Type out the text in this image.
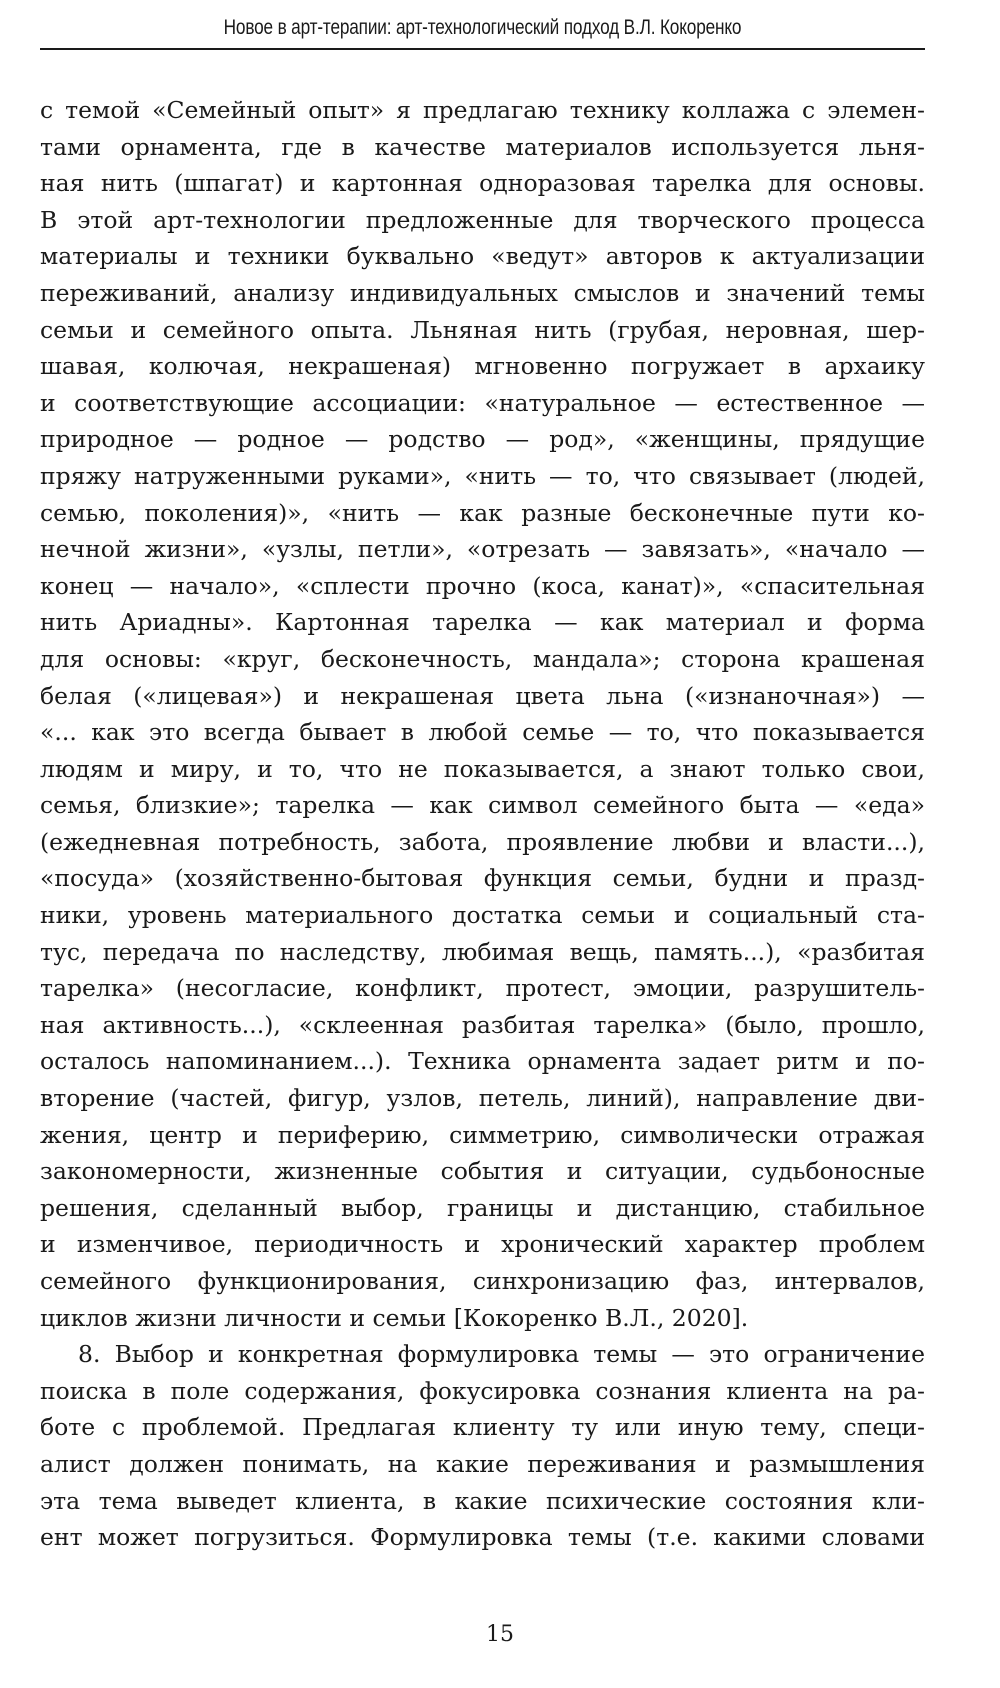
Новое в арт-терапии: арт-технологический подход В.Л. Кокоренко
с темой «Семейный опыт» я предлагаю технику коллажа с элемен-
тами орнамента, где в качестве материалов используется льня-
ная нить (шпагат) и картонная одноразовая тарелка для основы.
В этой арт-технологии предложенные для творческого процесса
материалы и техники буквально «ведут» авторов к актуализации
переживаний, анализу индивидуальных смыслов и значений темы
семьи и семейного опыта. Льняная нить (грубая, неровная, шер-
шавая, колючая, некрашеная) мгновенно погружает в архаику
и соответствующие ассоциации: «натуральное — естественное —
природное — родное — родство — род», «женщины, прядущие
пряжу натруженными руками», «нить — то, что связывает (людей,
семью, поколения)», «нить — как разные бесконечные пути ко-
нечной жизни», «узлы, петли», «отрезать — завязать», «начало —
конец — начало», «сплести прочно (коса, канат)», «спасительная
нить Ариадны». Картонная тарелка — как материал и форма
для основы: «круг, бесконечность, мандала»; сторона крашеная
белая («лицевая») и некрашеная цвета льна («изнаночная») —
«... как это всегда бывает в любой семье — то, что показывается
людям и миру, и то, что не показывается, а знают только свои,
семья, близкие»; тарелка — как символ семейного быта — «еда»
(ежедневная потребность, забота, проявление любви и власти...),
«посуда» (хозяйственно-бытовая функция семьи, будни и празд-
ники, уровень материального достатка семьи и социальный ста-
тус, передача по наследству, любимая вещь, память...), «разбитая
тарелка» (несогласие, конфликт, протест, эмоции, разрушитель-
ная активность...), «склеенная разбитая тарелка» (было, прошло,
осталось напоминанием...). Техника орнамента задает ритм и по-
вторение (частей, фигур, узлов, петель, линий), направление дви-
жения, центр и периферию, симметрию, символически отражая
закономерности, жизненные события и ситуации, судьбоносные
решения, сделанный выбор, границы и дистанцию, стабильное
и изменчивое, периодичность и хронический характер проблем
семейного функционирования, синхронизацию фаз, интервалов,
циклов жизни личности и семьи [Кокоренко В.Л., 2020].
8. Выбор и конкретная формулировка темы — это ограничение
поиска в поле содержания, фокусировка сознания клиента на ра-
боте с проблемой. Предлагая клиенту ту или иную тему, специ-
алист должен понимать, на какие переживания и размышления
эта тема выведет клиента, в какие психические состояния кли-
ент может погрузиться. Формулировка темы (т.е. какими словами
15
